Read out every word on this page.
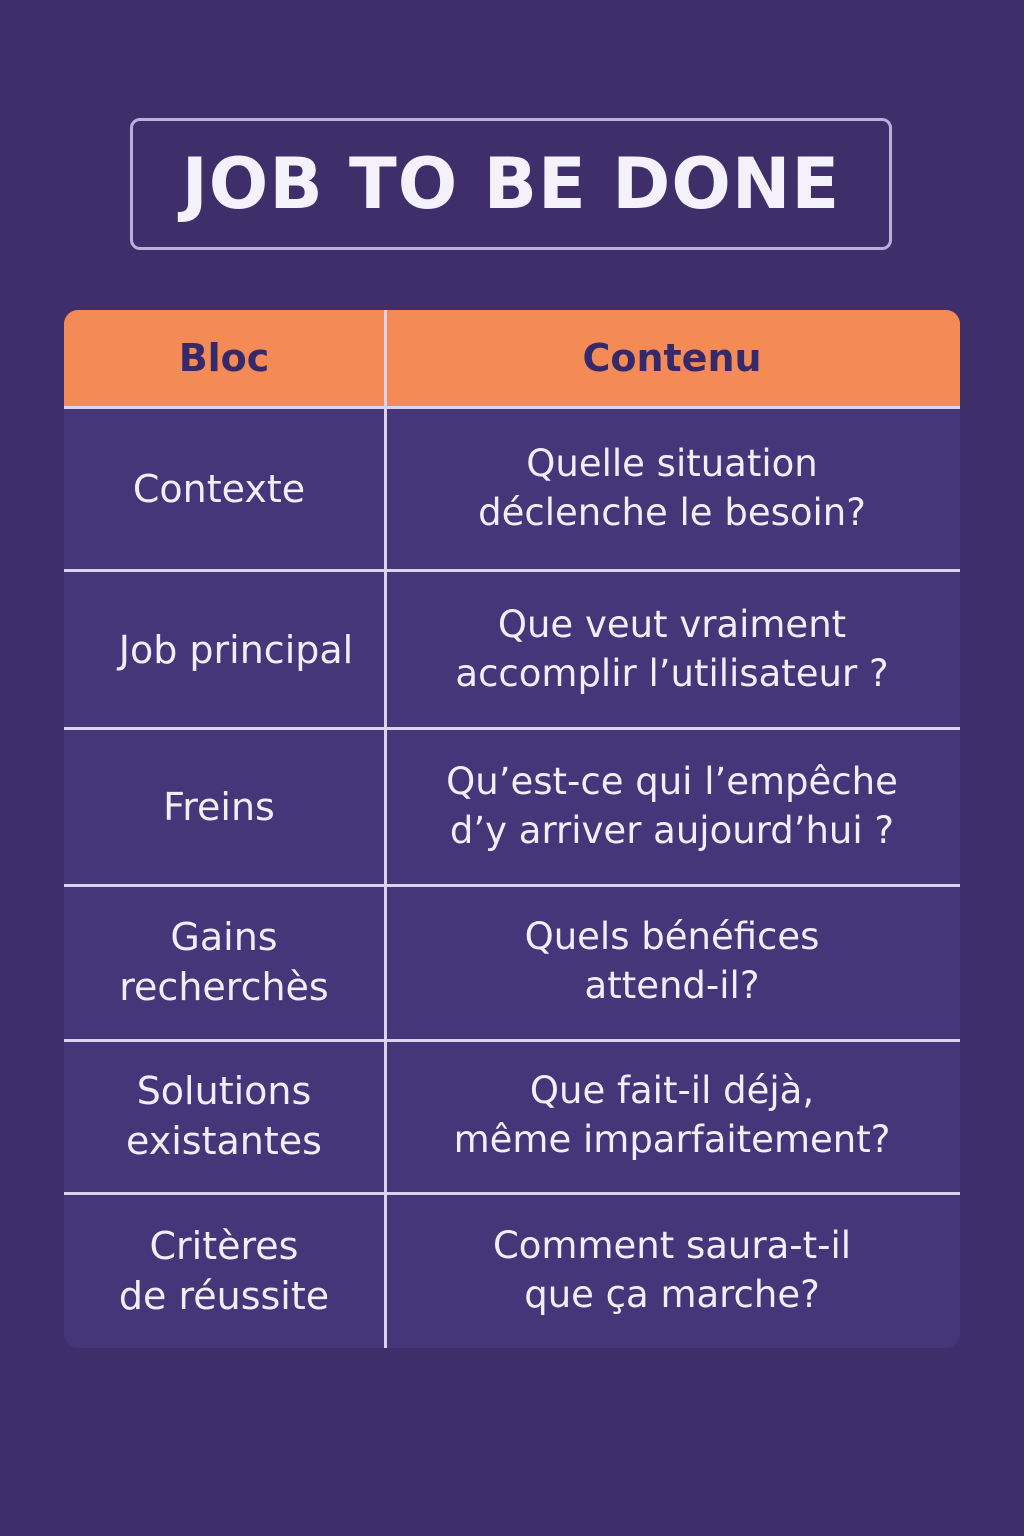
JOB TO BE DONE
Bloc	Contenu
Contexte
Quelle situation
déclenche le besoin?
Job principal
Que veut vraiment
accomplir l’utilisateur ?
Freins
Qu’est-ce qui l’empêche
d’y arriver aujourd’hui ?
Gains
recherchès
Quels bénéfices
attend-il?
Solutions
existantes
Que fait-il déjà,
même imparfaitement?
Critères
de réussite
Comment saura-t-il
que ça marche?
